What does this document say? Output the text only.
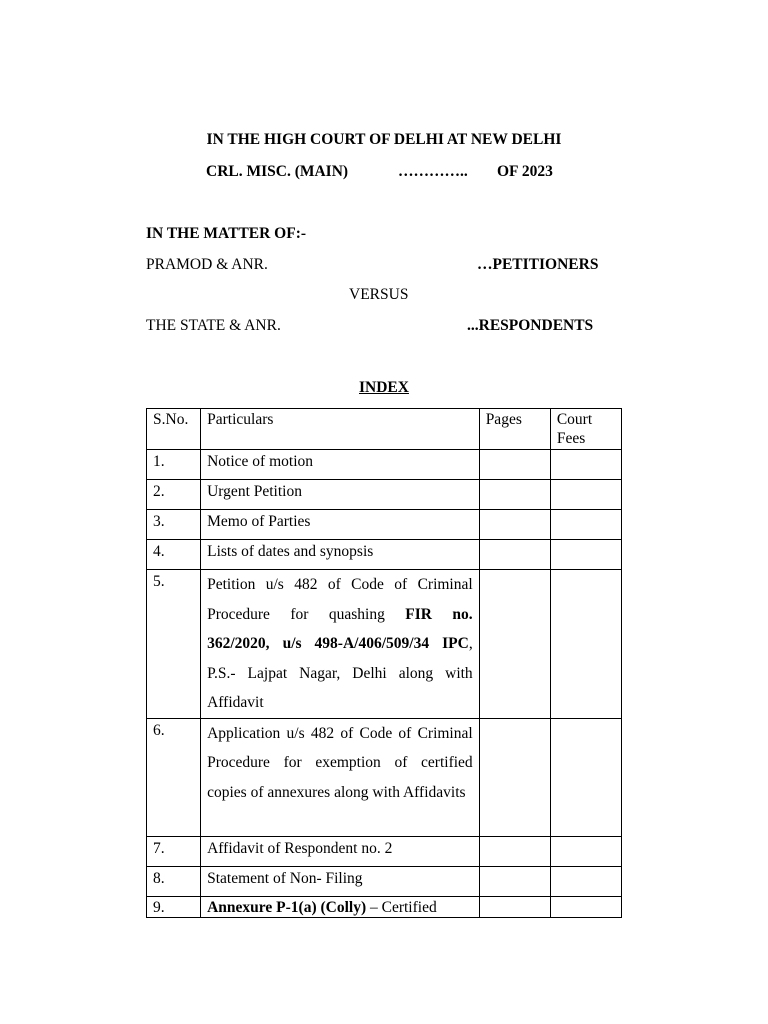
IN THE HIGH COURT OF DELHI AT NEW DELHI
CRL. MISC. (MAIN)	………….. OF 2023
IN THE MATTER OF:-
PRAMOD & ANR.	…PETITIONERS
VERSUS
THE STATE & ANR.	...RESPONDENTS
INDEX
S.No.	Particulars	Pages	Court Fees

1.	Notice of motion		

2.	Urgent Petition		

3.	Memo of Parties		

4.	Lists of dates and synopsis		

5.	Petition u/s 482 of Code of Criminal Procedure for quashing FIR no. 362/2020, u/s 498-A/406/509/34 IPC, P.S.- Lajpat Nagar, Delhi along with Affidavit		

6.	Application u/s 482 of Code of Criminal Procedure for exemption of certified copies of annexures along with Affidavits		

7.	Affidavit of Respondent no. 2		

8.	Statement of Non- Filing		

9.	Annexure P-1(a) (Colly) – Certified		
